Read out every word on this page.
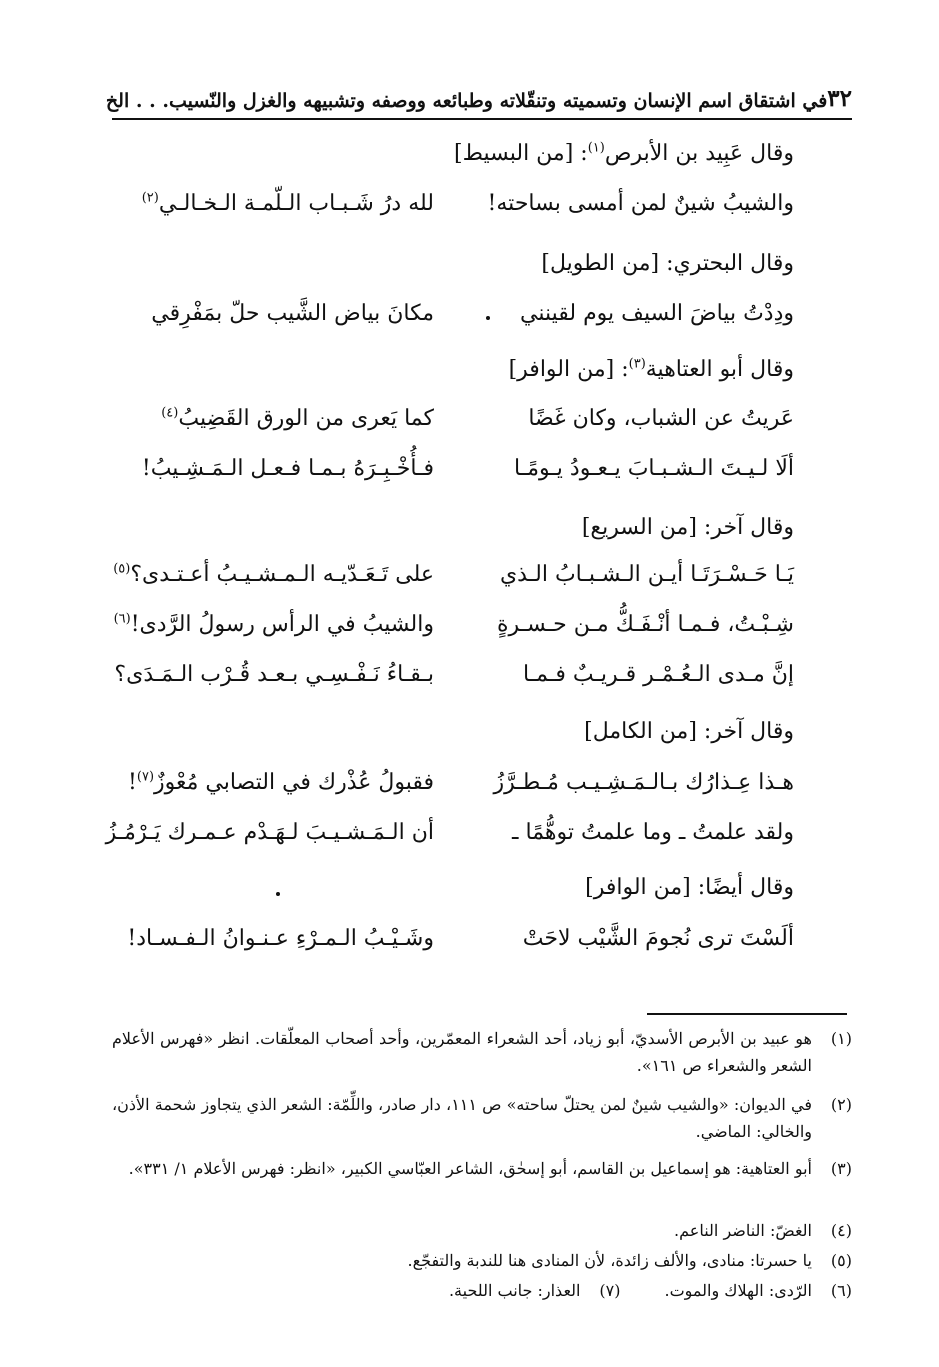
٣٢
في اشتقاق اسم الإنسان وتسميته وتنقّلاته وطبائعه ووصفه وتشبيهه والغزل والنّسيب. . . الخ
وقال عَبِيد بن الأبرص$^{(١)}$: [من البسيط]
والشيبُ شينٌ لمن أمسى بساحته!
لله درُ شَـبـاب الـلّمـة الـخـالـي$^{(٢)}$
وقال البحتري: [من الطويل]
ودِدْتُ بياضَ السيف يوم لقينني
مكانَ بياض الشَّيب حلّ بمَفْرِقي
وقال أبو العتاهية$^{(٣)}$: [من الوافر]
عَريتُ عن الشباب، وكان غَضًا
كما يَعرى من الورق القَضِيبُ$^{(٤)}$
ألَا لـيـتَ الـشـبـابَ يـعـودُ يـومًـا
فـأُخْـبِـرَهُ بـمـا فـعـل الـمَـشِـيبُ!
وقال آخر: [من السريع]
يَـا حَـسْـرَتَـا أيـن الـشـبـابُ الـذي
على تَـعَـدّيـه الـمـشـيـبُ أعـتـدى؟$^{(٥)}$
شِـبْـتُ، فـمـا أنْـفَـكُّ مـن حـسـرةٍ
والشيبُ في الرأس رسولُ الرَّدى!$^{(٦)}$
إنَّ مـدى الـعُـمْـر قـريـبٌ فـمـا
بـقـاءُ نَـفْـسِـي بـعـد قُـرْب الـمَـدَى؟
وقال آخر: [من الكامل]
هـذا عِـذارُك بـالـمَـشِـيـب مُـطـرَّزُ
فقبولُ عُذْرك في التصابي مُعْوزٌ$^{(٧)}$!
ولقد علمتُ ـ وما علمتُ توهُّمًا ـ
أن الـمَـشـيـبَ لـهَـدْم عـمـرك يَـرْمُـزُ
وقال أيضًا: [من الوافر]
ألَسْتَ ترى نُجومَ الشَّيْب لاحَتْ
وشَـيْـبُ الـمـرْءِ عـنـوانُ الـفـسـاد!
(١)
هو عبيد بن الأبرص الأسديّ، أبو زياد، أحد الشعراء المعمّرين، وأحد أصحاب المعلّقات. انظر «فهرس الأعلام الشعر والشعراء ص ١٦١».
(٢)
في الديوان: «والشيب شينٌ لمن يحتلّ ساحته» ص ١١١، دار صادر، واللِّمّة: الشعر الذي يتجاوز شحمة الأذن، والخالي: الماضي.
(٣)
أبو العتاهية: هو إسماعيل بن القاسم، أبو إسحٰق، الشاعر العبّاسي الكبير، «انظر: فهرس الأعلام ١/ ٣٣١».
(٤)
الغضّ: الناضر الناعم.
(٥)
يا حسرتا: منادى، والألف زائدة، لأن المنادى هنا للندبة والتفجّع.
(٦)
الرّدى: الهلاك والموت.
(٧)
العذار: جانب اللحية.
